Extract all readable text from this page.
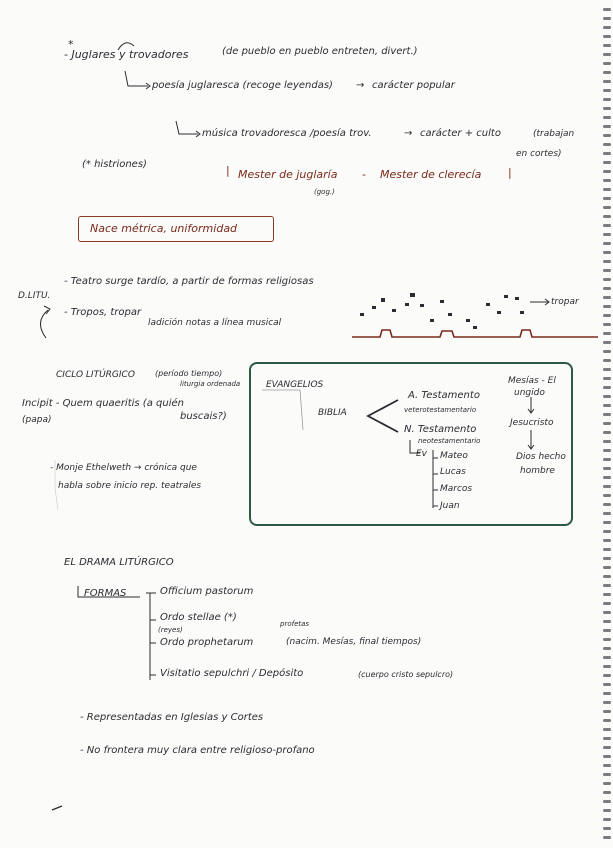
*
- Juglares y trovadores	(de pueblo en pueblo entreten, divert.)
poesía juglaresca (recoge leyendas) → carácter popular
música trovadoresca /poesía trov.	→ carácter + culto	(trabajan
en cortes)
(* histriones)	| Mester de juglaría - Mester de clerecía |
(gog.)
Nace métrica, uniformidad
D.LITU.
- Teatro surge tardío, a partir de formas religiosas
- Tropos, tropar
ladición notas a línea musical
tropar
CICLO LITÚRGICO	(período tiempo)
liturgia ordenada
Incipit - Quem quaeritis (a quién
buscais?)
(papa)
- Monje Ethelweth → crónica que
habla sobre inicio rep. teatrales
EVANGELIOS
BIBLIA
A. Testamento
veterotestamentario
N. Testamento
neotestamentario
Ev Mateo
Lucas
Marcos
Juan
Mesías - El
ungido
Jesucristo
Dios hecho
hombre
EL DRAMA LITÚRGICO
FORMAS	Officium pastorum
Ordo stellae (*)
(reyes)
Ordo prophetarum
profetas
(nacim. Mesías, final tiempos)
Visitatio sepulchri / Depósito	(cuerpo cristo sepulcro)
- Representadas en Iglesias y Cortes
- No frontera muy clara entre religioso-profano
